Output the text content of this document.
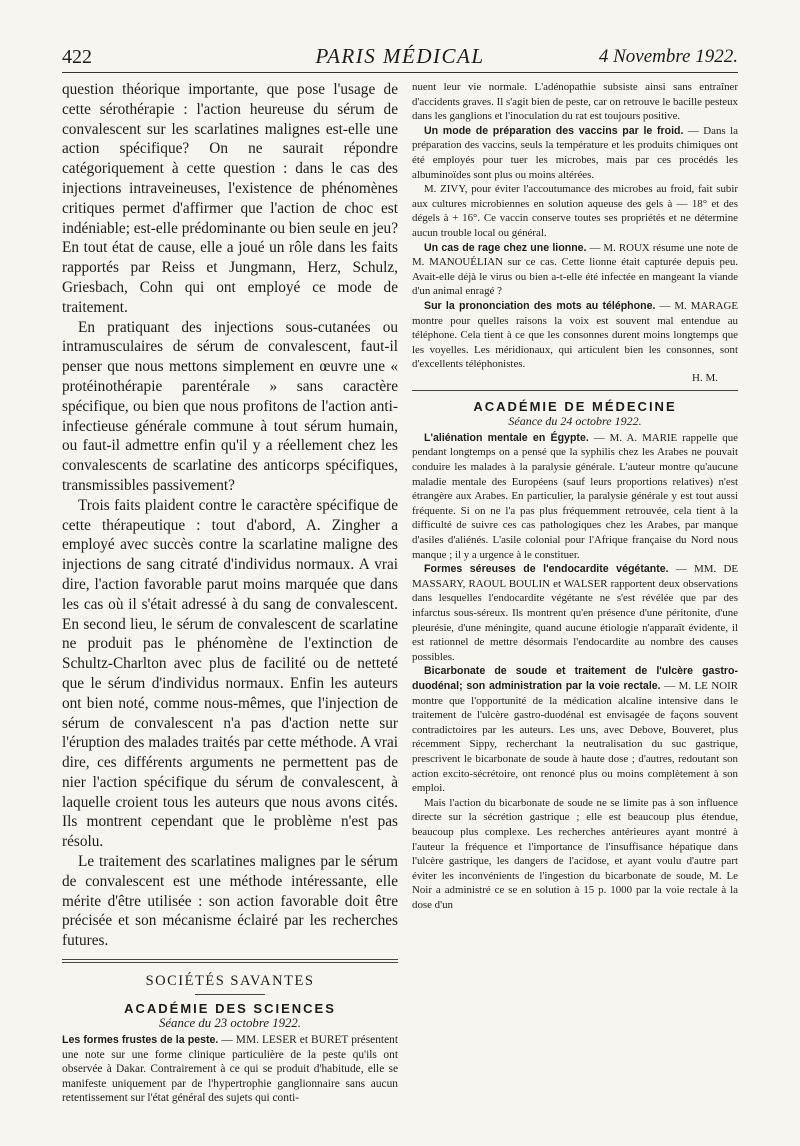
422	PARIS MÉDICAL	4 Novembre 1922.

question théorique importante, que pose l'usage de cette sérothérapie : l'action heureuse du sérum de convalescent sur les scarlatines malignes est-elle une action spécifique? On ne saurait répondre catégoriquement à cette question : dans le cas des injections intraveineuses, l'existence de phénomènes critiques permet d'affirmer que l'action de choc est indéniable; est-elle prédominante ou bien seule en jeu? En tout état de cause, elle a joué un rôle dans les faits rapportés par Reiss et Jungmann, Herz, Schulz, Griesbach, Cohn qui ont employé ce mode de traitement.

En pratiquant des injections sous-cutanées ou intramusculaires de sérum de convalescent, faut-il penser que nous mettons simplement en œuvre une « protéinothérapie parentérale » sans caractère spécifique, ou bien que nous profitons de l'action anti-infectieuse générale commune à tout sérum humain, ou faut-il admettre enfin qu'il y a réellement chez les convalescents de scarlatine des anticorps spécifiques, transmissibles passivement?

Trois faits plaident contre le caractère spécifique de cette thérapeutique : tout d'abord, A. Zingher a employé avec succès contre la scarlatine maligne des injections de sang citraté d'individus normaux. A vrai dire, l'action favorable parut moins marquée que dans les cas où il s'était adressé à du sang de convalescent. En second lieu, le sérum de convalescent de scarlatine ne produit pas le phénomène de l'extinction de Schultz-Charlton avec plus de facilité ou de netteté que le sérum d'individus normaux. Enfin les auteurs ont bien noté, comme nous-mêmes, que l'injection de sérum de convalescent n'a pas d'action nette sur l'éruption des malades traités par cette méthode. A vrai dire, ces différents arguments ne permettent pas de nier l'action spécifique du sérum de convalescent, à laquelle croient tous les auteurs que nous avons cités. Ils montrent cependant que le problème n'est pas résolu.

Le traitement des scarlatines malignes par le sérum de convalescent est une méthode intéressante, elle mérite d'être utilisée : son action favorable doit être précisée et son mécanisme éclairé par les recherches futures.

SOCIÉTÉS SAVANTES
ACADÉMIE DES SCIENCES
Séance du 23 octobre 1922.

Les formes frustes de la peste. — MM. LESER et BURET présentent une note sur une forme clinique particulière de la peste qu'ils ont observée à Dakar. Contrairement à ce qui se produit d'habitude, elle se manifeste uniquement par de l'hypertrophie ganglionnaire sans aucun retentissement sur l'état général des sujets qui conti-

nuent leur vie normale. L'adénopathie subsiste ainsi sans entraîner d'accidents graves. Il s'agit bien de peste, car on retrouve le bacille pesteux dans les ganglions et l'inoculation du rat est toujours positive.

Un mode de préparation des vaccins par le froid. — Dans la préparation des vaccins, seuls la température et les produits chimiques ont été employés pour tuer les microbes, mais par ces procédés les albuminoïdes sont plus ou moins altérées.

M. ZIVY, pour éviter l'accoutumance des microbes au froid, fait subir aux cultures microbiennes en solution aqueuse des gels à — 18° et des dégels à + 16°. Ce vaccin conserve toutes ses propriétés et ne détermine aucun trouble local ou général.

Un cas de rage chez une lionne. — M. ROUX résume une note de M. MANOUÉLIAN sur ce cas. Cette lionne était capturée depuis peu. Avait-elle déjà le virus ou bien a-t-elle été infectée en mangeant la viande d'un animal enragé ?

Sur la prononciation des mots au téléphone. — M. MARAGE montre pour quelles raisons la voix est souvent mal entendue au téléphone. Cela tient à ce que les consonnes durent moins longtemps que les voyelles. Les méridionaux, qui articulent bien les consonnes, sont d'excellents téléphonistes.

H. M.
ACADÉMIE DE MÉDECINE
Séance du 24 octobre 1922.

L'aliénation mentale en Égypte. — M. A. MARIE rappelle que pendant longtemps on a pensé que la syphilis chez les Arabes ne pouvait conduire les malades à la paralysie générale. L'auteur montre qu'aucune maladie mentale des Européens (sauf leurs proportions relatives) n'est étrangère aux Arabes. En particulier, la paralysie générale y est tout aussi fréquente. Si on ne l'a pas plus fréquemment retrouvée, cela tient à la difficulté de suivre ces cas pathologiques chez les Arabes, par manque d'asiles d'aliénés. L'asile colonial pour l'Afrique française du Nord nous manque ; il y a urgence à le constituer.

Formes séreuses de l'endocardite végétante. — MM. DE MASSARY, RAOUL BOULIN et WALSER rapportent deux observations dans lesquelles l'endocardite végétante ne s'est révélée que par des infarctus sous-séreux. Ils montrent qu'en présence d'une péritonite, d'une pleurésie, d'une méningite, quand aucune étiologie n'apparaît évidente, il est rationnel de mettre désormais l'endocardite au nombre des causes possibles.

Bicarbonate de soude et traitement de l'ulcère gastro-duodénal; son administration par la voie rectale. — M. LE NOIR montre que l'opportunité de la médication alcaline intensive dans le traitement de l'ulcère gastro-duodénal est envisagée de façons souvent contradictoires par les auteurs. Les uns, avec Debove, Bouveret, plus récemment Sippy, recherchant la neutralisation du suc gastrique, prescrivent le bicarbonate de soude à haute dose ; d'autres, redoutant son action excito-sécrétoire, ont renoncé plus ou moins complètement à son emploi.

Mais l'action du bicarbonate de soude ne se limite pas à son influence directe sur la sécrétion gastrique ; elle est beaucoup plus étendue, beaucoup plus complexe. Les recherches antérieures ayant montré à l'auteur la fréquence et l'importance de l'insuffisance hépatique dans l'ulcère gastrique, les dangers de l'acidose, et ayant voulu d'autre part éviter les inconvénients de l'ingestion du bicarbonate de soude, M. Le Noir a administré ce se en solution à 15 p. 1000 par la voie rectale à la dose d'un
